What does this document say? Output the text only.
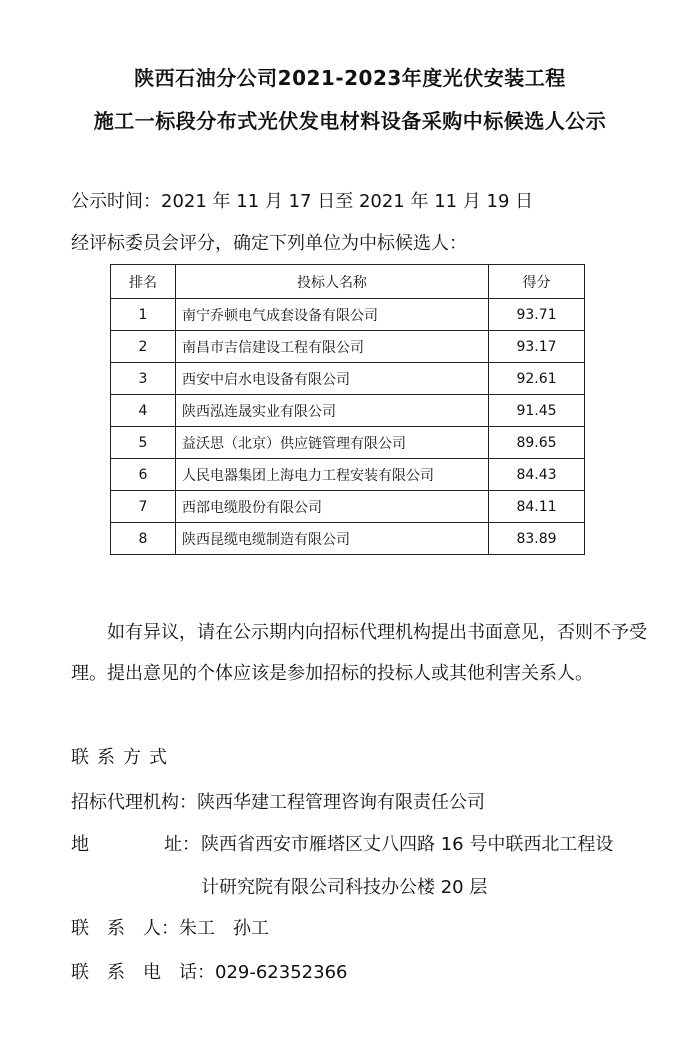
陕西石油分公司2021-2023年度光伏安装工程
施工一标段分布式光伏发电材料设备采购中标候选人公示
公示时间：2021 年 11 月 17 日至 2021 年 11 月 19 日
经评标委员会评分，确定下列单位为中标候选人：
排名	投标人名称	得分
1	南宁乔顿电气成套设备有限公司	93.71
2	南昌市吉信建设工程有限公司	93.17
3	西安中启水电设备有限公司	92.61
4	陕西泓连晟实业有限公司	91.45
5	益沃思（北京）供应链管理有限公司	89.65
6	人民电器集团上海电力工程安装有限公司	84.43
7	西部电缆股份有限公司	84.11
8	陕西昆缆电缆制造有限公司	83.89
如有异议，请在公示期内向招标代理机构提出书面意见，否则不予受理。提出意见的个体应该是参加招标的投标人或其他利害关系人。
联系方式
招标代理机构：陕西华建工程管理咨询有限责任公司
地	址： 陕西省西安市雁塔区丈八四路 16 号中联西北工程设
计研究院有限公司科技办公楼 20 层
联　系　人：朱工　孙工
联　系　电　话：029-62352366
